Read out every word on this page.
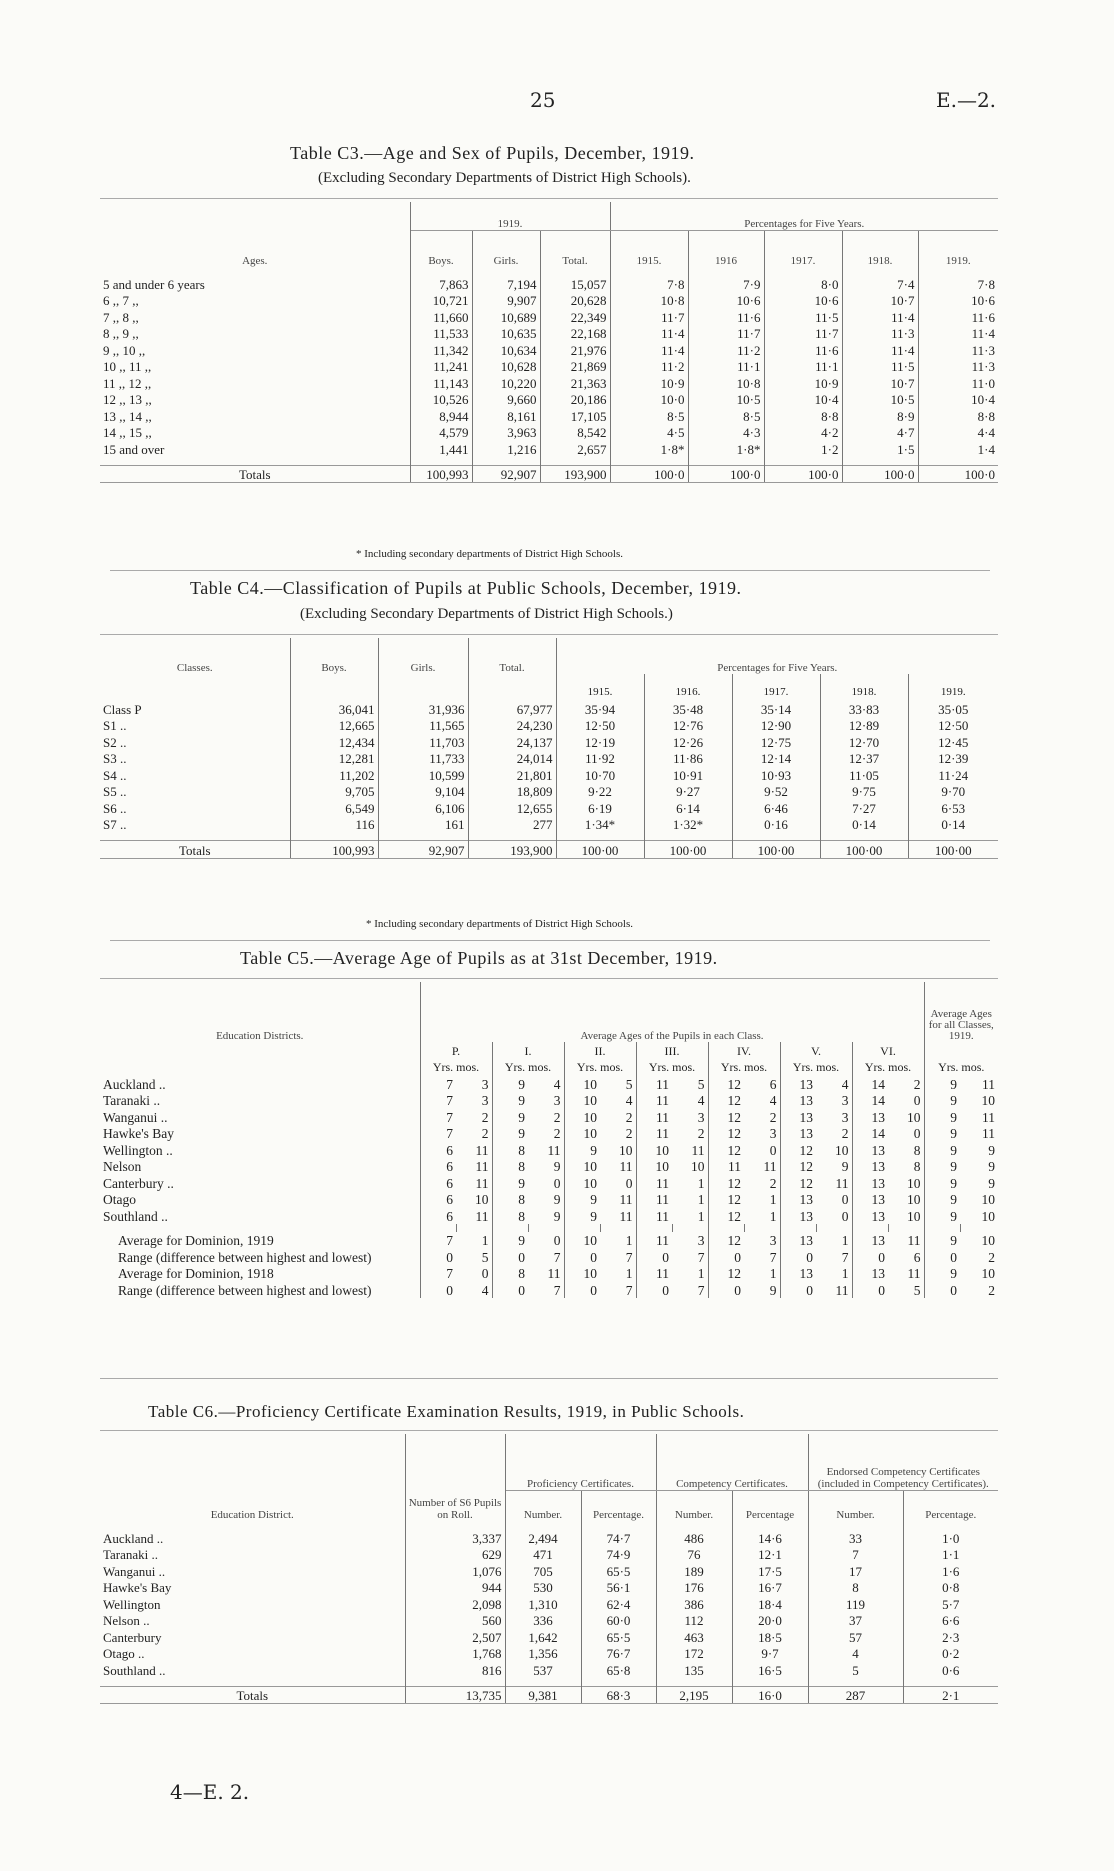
25	E.—2.
Table C3.—Age and Sex of Pupils, December, 1919.
(Excluding Secondary Departments of District High Schools).
Ages.	1919.			Percentages for Five Years.				
	Boys.	Girls.	Total.	1915.	1916	1917.	1918.	1919.

5 and under 6 years	7,863	7,194	15,057	7·8	7·9	8·0	7·4	7·8
6 ,, 7 ,,	10,721	9,907	20,628	10·8	10·6	10·6	10·7	10·6
7 ,, 8 ,,	11,660	10,689	22,349	11·7	11·6	11·5	11·4	11·6
8 ,, 9 ,,	11,533	10,635	22,168	11·4	11·7	11·7	11·3	11·4
9 ,, 10 ,,	11,342	10,634	21,976	11·4	11·2	11·6	11·4	11·3
10 ,, 11 ,,	11,241	10,628	21,869	11·2	11·1	11·1	11·5	11·3
11 ,, 12 ,,	11,143	10,220	21,363	10·9	10·8	10·9	10·7	11·0
12 ,, 13 ,,	10,526	9,660	20,186	10·0	10·5	10·4	10·5	10·4
13 ,, 14 ,,	8,944	8,161	17,105	8·5	8·5	8·8	8·9	8·8
14 ,, 15 ,,	4,579	3,963	8,542	4·5	4·3	4·2	4·7	4·4
15 and over	1,441	1,216	2,657	1·8*	1·8*	1·2	1·5	1·4

Totals	100,993	92,907	193,900	100·0	100·0	100·0	100·0	100·0
* Including secondary departments of District High Schools.
Table C4.—Classification of Pupils at Public Schools, December, 1919.
(Excluding Secondary Departments of District High Schools.)
Classes.	Boys.	Girls.	Total.	Percentages for Five Years.				
				1915.	1916.	1917.	1918.	1919.
Class P	36,041	31,936	67,977	35·94	35·48	35·14	33·83	35·05
S1 ..	12,665	11,565	24,230	12·50	12·76	12·90	12·89	12·50
S2 ..	12,434	11,703	24,137	12·19	12·26	12·75	12·70	12·45
S3 ..	12,281	11,733	24,014	11·92	11·86	12·14	12·37	12·39
S4 ..	11,202	10,599	21,801	10·70	10·91	10·93	11·05	11·24
S5 ..	9,705	9,104	18,809	9·22	9·27	9·52	9·75	9·70
S6 ..	6,549	6,106	12,655	6·19	6·14	6·46	7·27	6·53
S7 ..	116	161	277	1·34*	1·32*	0·16	0·14	0·14

Totals	100,993	92,907	193,900	100·00	100·00	100·00	100·00	100·00
* Including secondary departments of District High Schools.
Table C5.—Average Age of Pupils as at 31st December, 1919.
Education Districts.	Average Ages of the Pupils in each Class.														Average Ages for all Classes, 1919.	
	P.		I.		II.		III.		IV.		V.		VI.			
	Yrs. mos.		Yrs. mos.		Yrs. mos.		Yrs. mos.		Yrs. mos.		Yrs. mos.		Yrs. mos.		Yrs. mos.	
Auckland ..	7	3	9	4	10	5	11	5	12	6	13	4	14	2	9	11
Taranaki ..	7	3	9	3	10	4	11	4	12	4	13	3	14	0	9	10
Wanganui ..	7	2	9	2	10	2	11	3	12	2	13	3	13	10	9	11
Hawke's Bay	7	2	9	2	10	2	11	2	12	3	13	2	14	0	9	11
Wellington ..	6	11	8	11	9	10	10	11	12	0	12	10	13	8	9	9
Nelson	6	11	8	9	10	11	10	10	11	11	12	9	13	8	9	9
Canterbury ..	6	11	9	0	10	0	11	1	12	2	12	11	13	10	9	9
Otago	6	10	8	9	9	11	11	1	12	1	13	0	13	10	9	10
Southland ..	6	11	8	9	9	11	11	1	12	1	13	0	13	10	9	10

Average for Dominion, 1919	7	1	9	0	10	1	11	3	12	3	13	1	13	11	9	10
Range (difference between highest and lowest)	0	5	0	7	0	7	0	7	0	7	0	7	0	6	0	2
Average for Dominion, 1918	7	0	8	11	10	1	11	1	12	1	13	1	13	11	9	10
Range (difference between highest and lowest)	0	4	0	7	0	7	0	7	0	9	0	11	0	5	0	2
Table C6.—Proficiency Certificate Examination Results, 1919, in Public Schools.
Education District.	Number of S6 Pupils on Roll.	Proficiency Certificates.		Competency Certificates.		Endorsed Competency Certificates (included in Competency Certificates).	
		Number.	Percentage.	Number.	Percentage	Number.	Percentage.

Auckland ..	3,337	2,494	74·7	486	14·6	33	1·0
Taranaki ..	629	471	74·9	76	12·1	7	1·1
Wanganui ..	1,076	705	65·5	189	17·5	17	1·6
Hawke's Bay	944	530	56·1	176	16·7	8	0·8
Wellington	2,098	1,310	62·4	386	18·4	119	5·7
Nelson ..	560	336	60·0	112	20·0	37	6·6
Canterbury	2,507	1,642	65·5	463	18·5	57	2·3
Otago ..	1,768	1,356	76·7	172	9·7	4	0·2
Southland ..	816	537	65·8	135	16·5	5	0·6

Totals	13,735	9,381	68·3	2,195	16·0	287	2·1
4—E. 2.
